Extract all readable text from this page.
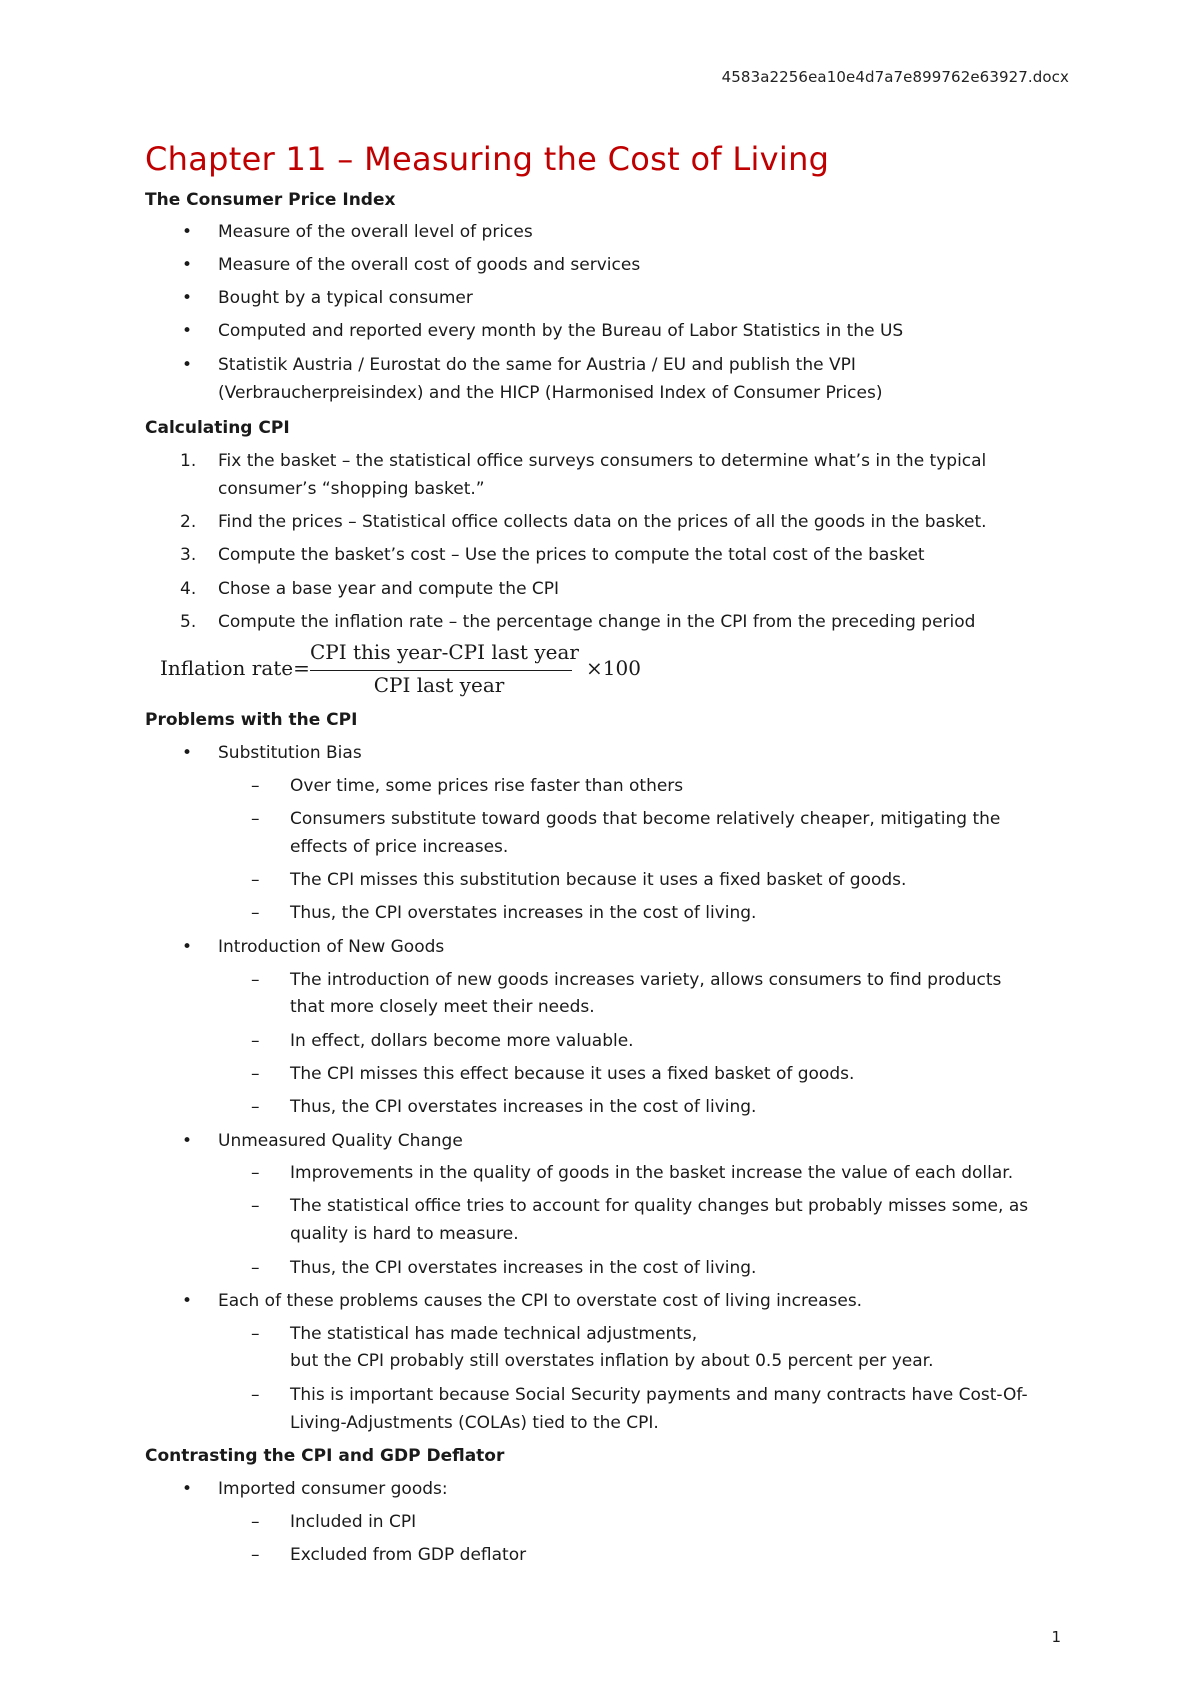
4583a2256ea10e4d7a7e899762e63927.docx
Chapter 11 – Measuring the Cost of Living
The Consumer Price Index
• Measure of the overall level of prices
• Measure of the overall cost of goods and services
• Bought by a typical consumer
• Computed and reported every month by the Bureau of Labor Statistics in the US
• Statistik Austria / Eurostat do the same for Austria / EU and publish the VPI
(Verbraucherpreisindex) and the HICP (Harmonised Index of Consumer Prices)
Calculating CPI
1. Fix the basket – the statistical office surveys consumers to determine what’s in the typical
consumer’s “shopping basket.”
2. Find the prices – Statistical office collects data on the prices of all the goods in the basket.
3. Compute the basket’s cost – Use the prices to compute the total cost of the basket
4. Chose a base year and compute the CPI
5. Compute the inflation rate – the percentage change in the CPI from the preceding period
Inflation rate=
CPI this year-CPI last year
CPI last year
×100
Problems with the CPI
• Substitution Bias
– Over time, some prices rise faster than others
– Consumers substitute toward goods that become relatively cheaper, mitigating the
effects of price increases.
– The CPI misses this substitution because it uses a fixed basket of goods.
– Thus, the CPI overstates increases in the cost of living.
• Introduction of New Goods
– The introduction of new goods increases variety, allows consumers to find products
that more closely meet their needs.
– In effect, dollars become more valuable.
– The CPI misses this effect because it uses a fixed basket of goods.
– Thus, the CPI overstates increases in the cost of living.
• Unmeasured Quality Change
– Improvements in the quality of goods in the basket increase the value of each dollar.
– The statistical office tries to account for quality changes but probably misses some, as
quality is hard to measure.
– Thus, the CPI overstates increases in the cost of living.
• Each of these problems causes the CPI to overstate cost of living increases.
– The statistical has made technical adjustments,
but the CPI probably still overstates inflation by about 0.5 percent per year.
– This is important because Social Security payments and many contracts have Cost-Of-
Living-Adjustments (COLAs) tied to the CPI.
Contrasting the CPI and GDP Deflator
• Imported consumer goods:
– Included in CPI
– Excluded from GDP deflator
1
